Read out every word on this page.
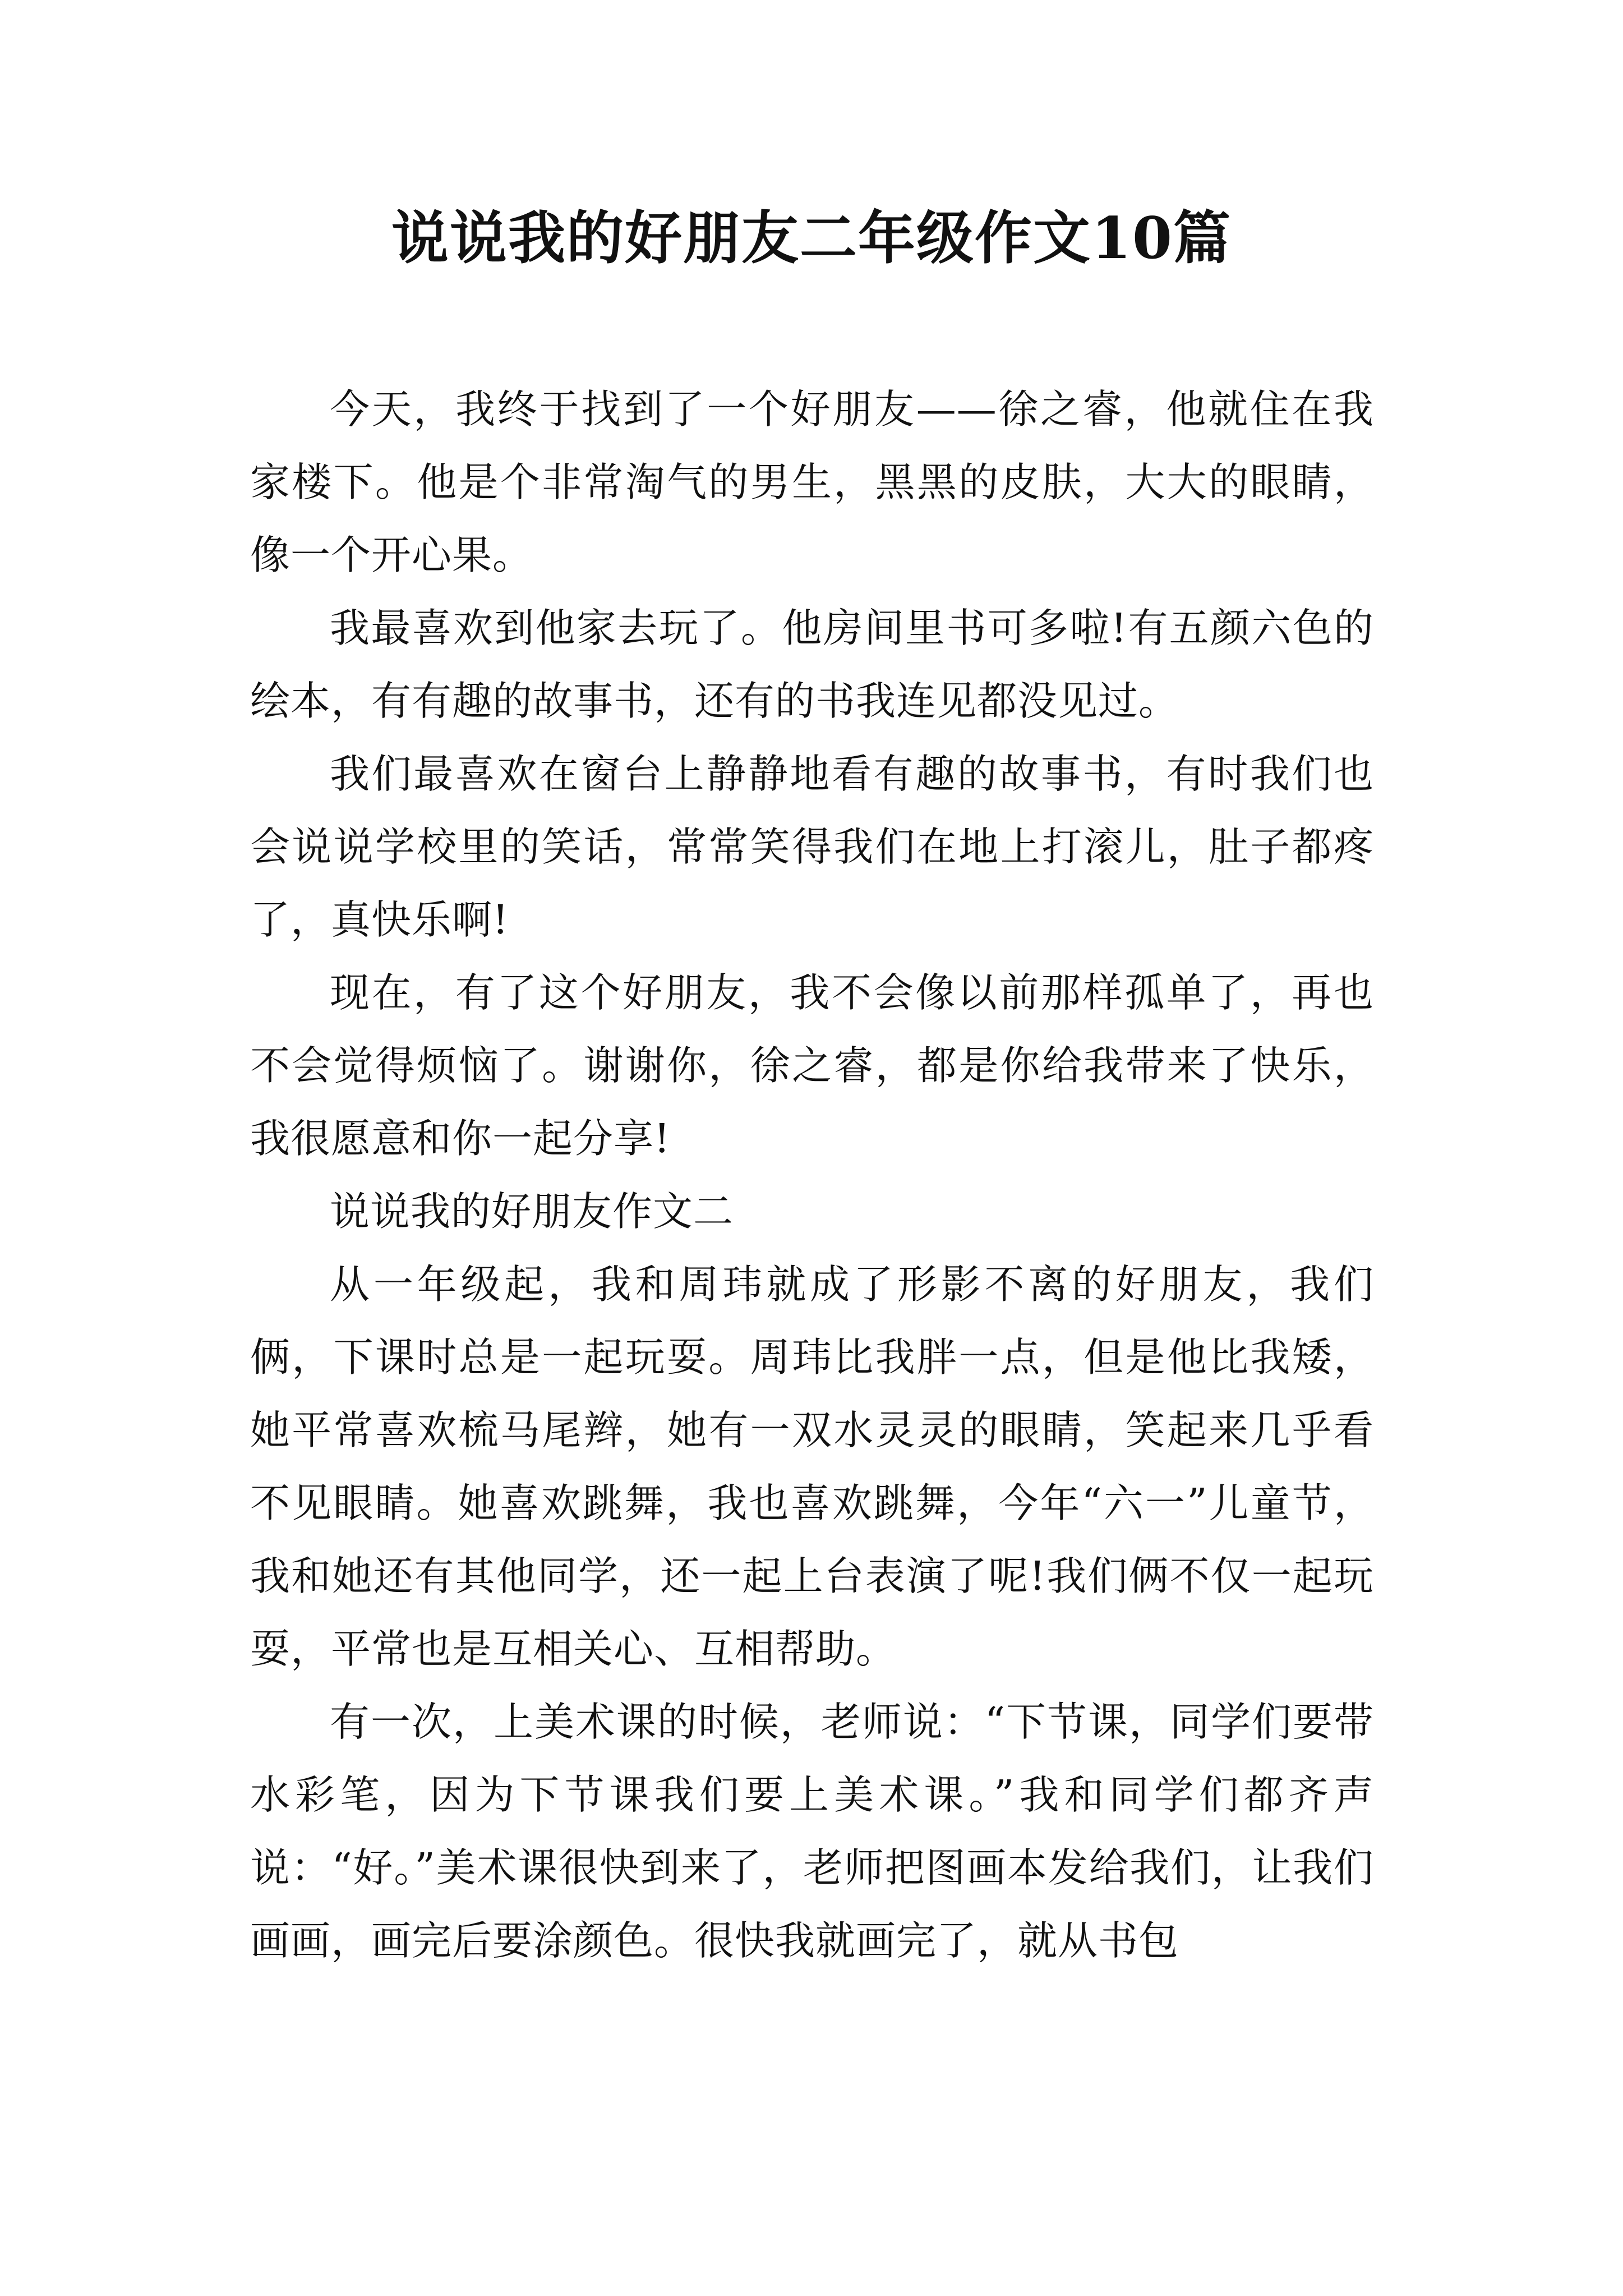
说说我的好朋友二年级作文10篇

今天，我终于找到了一个好朋友——徐之睿，他就住在我家楼下。他是个非常淘气的男生，黑黑的皮肤，大大的眼睛，像一个开心果。

我最喜欢到他家去玩了。他房间里书可多啦!有五颜六色的绘本，有有趣的故事书，还有的书我连见都没见过。

我们最喜欢在窗台上静静地看有趣的故事书，有时我们也会说说学校里的笑话，常常笑得我们在地上打滚儿，肚子都疼了，真快乐啊!

现在，有了这个好朋友，我不会像以前那样孤单了，再也不会觉得烦恼了。谢谢你，徐之睿，都是你给我带来了快乐，我很愿意和你一起分享!

说说我的好朋友作文二

从一年级起，我和周玮就成了形影不离的好朋友，我们俩，下课时总是一起玩耍。周玮比我胖一点，但是他比我矮，她平常喜欢梳马尾辫，她有一双水灵灵的眼睛，笑起来几乎看不见眼睛。她喜欢跳舞，我也喜欢跳舞，今年“六一”儿童节，我和她还有其他同学，还一起上台表演了呢!我们俩不仅一起玩耍，平常也是互相关心、互相帮助。

有一次，上美术课的时候，老师说：“下节课，同学们要带水彩笔，因为下节课我们要上美术课。”我和同学们都齐声说：“好。”美术课很快到来了，老师把图画本发给我们，让我们画画，画完后要涂颜色。很快我就画完了，就从书包
